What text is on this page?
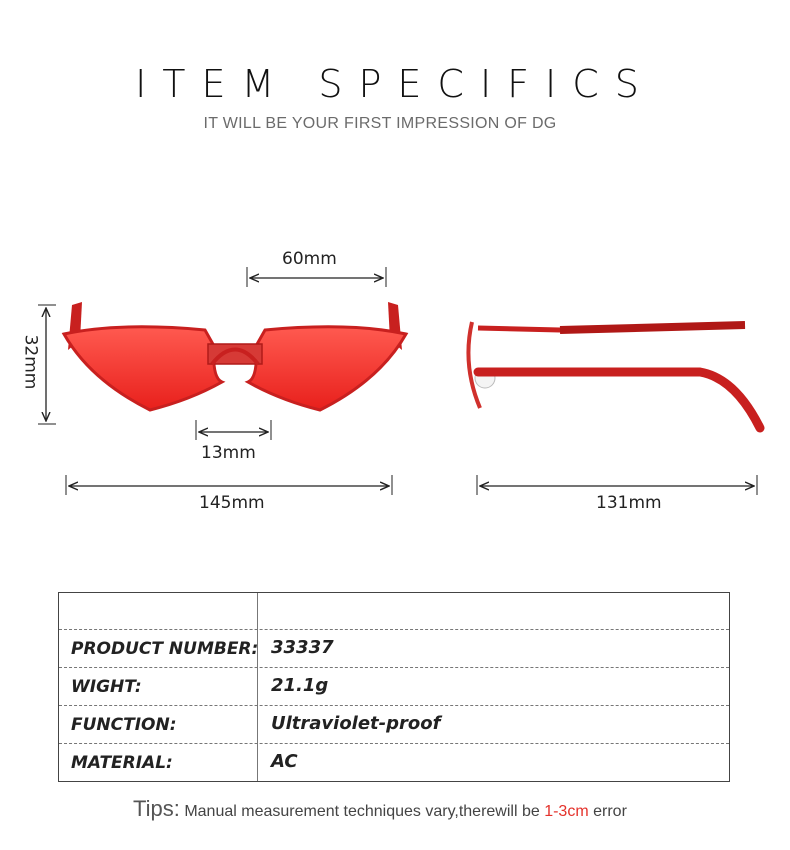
ITEM SPECIFICS
IT WILL BE YOUR FIRST IMPRESSION OF DG
60mm
32mm
13mm
145mm	131mm
PRODUCT NUMBER: 33337
WIGHT:	21.1g
FUNCTION:	Ultraviolet-proof
MATERIAL:	AC
Tips: Manual measurement techniques vary,therewill be 1-3cm error
